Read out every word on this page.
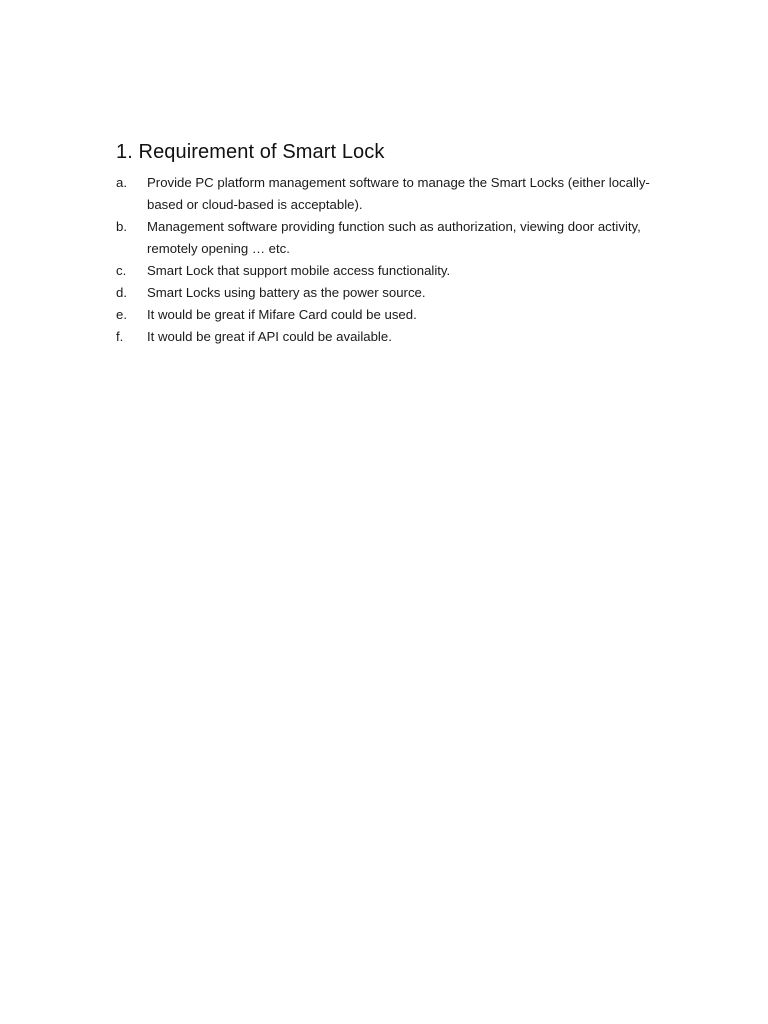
1. Requirement of Smart Lock
a. Provide PC platform management software to manage the Smart Locks (either locally-based or cloud-based is acceptable).
b. Management software providing function such as authorization, viewing door activity, remotely opening … etc.
c. Smart Lock that support mobile access functionality.
d. Smart Locks using battery as the power source.
e. It would be great if Mifare Card could be used.
f. It would be great if API could be available.
